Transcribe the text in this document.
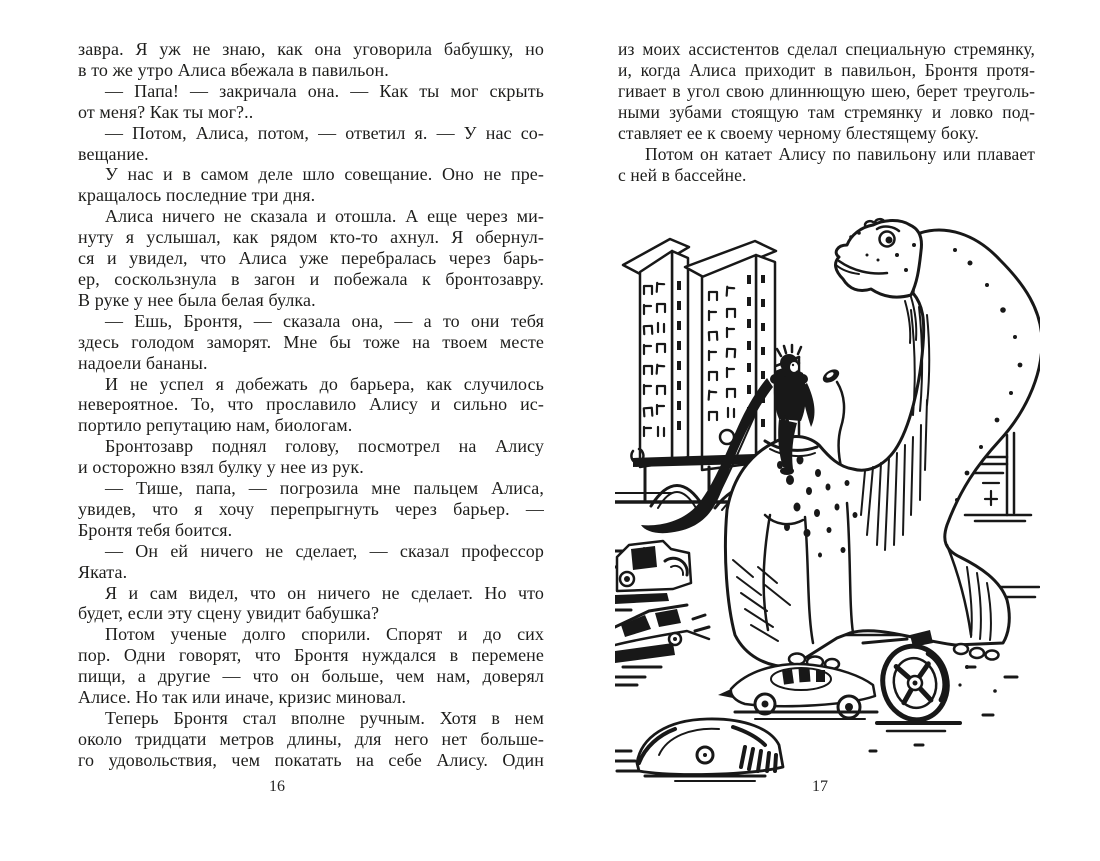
завра. Я уж не знаю, как она уговорила бабушку, но
в то же утро Алиса вбежала в павильон.
— Папа! — закричала она. — Как ты мог скрыть
от меня? Как ты мог?..
— Потом, Алиса, потом, — ответил я. — У нас со-
вещание.
У нас и в самом деле шло совещание. Оно не пре-
кращалось последние три дня.
Алиса ничего не сказала и отошла. А еще через ми-
нуту я услышал, как рядом кто-то ахнул. Я обернул-
ся и увидел, что Алиса уже перебралась через барь-
ер, соскользнула в загон и побежала к бронтозавру.
В руке у нее была белая булка.
— Ешь, Бронтя, — сказала она, — а то они тебя
здесь голодом заморят. Мне бы тоже на твоем месте
надоели бананы.
И не успел я добежать до барьера, как случилось
невероятное. То, что прославило Алису и сильно ис-
портило репутацию нам, биологам.
Бронтозавр поднял голову, посмотрел на Алису
и осторожно взял булку у нее из рук.
— Тише, папа, — погрозила мне пальцем Алиса,
увидев, что я хочу перепрыгнуть через барьер. —
Бронтя тебя боится.
— Он ей ничего не сделает, — сказал профессор
Яката.
Я и сам видел, что он ничего не сделает. Но что
будет, если эту сцену увидит бабушка?
Потом ученые долго спорили. Спорят и до сих
пор. Одни говорят, что Бронтя нуждался в перемене
пищи, а другие — что он больше, чем нам, доверял
Алисе. Но так или иначе, кризис миновал.
Теперь Бронтя стал вполне ручным. Хотя в нем
около тридцати метров длины, для него нет больше-
го удовольствия, чем покатать на себе Алису. Один
из моих ассистентов сделал специальную стремянку,
и, когда Алиса приходит в павильон, Бронтя протя-
гивает в угол свою длиннющую шею, берет треуголь-
ными зубами стоящую там стремянку и ловко под-
ставляет ее к своему черному блестящему боку.
Потом он катает Алису по павильону или плавает
с ней в бассейне.
16	17
